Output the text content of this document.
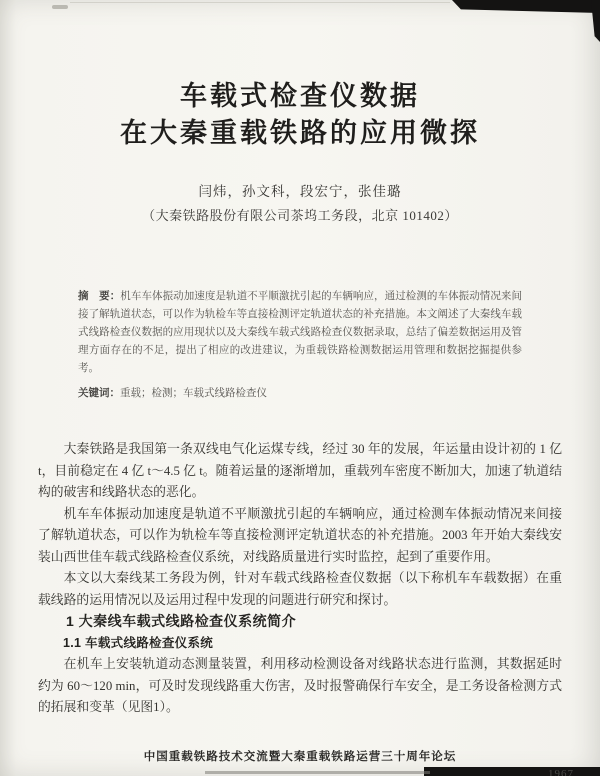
车载式检查仪数据
在大秦重载铁路的应用微探
闫炜，孙文科，段宏宁，张佳璐
（大秦铁路股份有限公司茶坞工务段，北京 101402）
摘　要：机车车体振动加速度是轨道不平顺激扰引起的车辆响应，通过检测的车体振动情况来间接了解轨道状态，可以作为轨检车等直接检测评定轨道状态的补充措施。本文阐述了大秦线车载式线路检查仪数据的应用现状以及大秦线车载式线路检查仪数据录取，总结了偏差数据运用及管理方面存在的不足，提出了相应的改进建议，为重载铁路检测数据运用管理和数据挖掘提供参考。
关键词：重载；检测；车载式线路检查仪

大秦铁路是我国第一条双线电气化运煤专线，经过 30 年的发展，年运量由设计初的 1 亿 t，目前稳定在 4 亿 t～4.5 亿 t。随着运量的逐渐增加，重载列车密度不断加大，加速了轨道结构的破害和线路状态的恶化。

机车车体振动加速度是轨道不平顺激扰引起的车辆响应，通过检测车体振动情况来间接了解轨道状态，可以作为轨检车等直接检测评定轨道状态的补充措施。2003 年开始大秦线安装山西世佳车载式线路检查仪系统，对线路质量进行实时监控，起到了重要作用。

本文以大秦线某工务段为例，针对车载式线路检查仪数据（以下称机车车载数据）在重载线路的运用情况以及运用过程中发现的问题进行研究和探讨。

1 大秦线车载式线路检查仪系统简介

1.1 车载式线路检查仪系统

在机车上安装轨道动态测量装置，利用移动检测设备对线路状态进行监测，其数据延时约为 60～120 min，可及时发现线路重大伤害，及时报警确保行车安全，是工务设备检测方式的拓展和变革（见图1）。

中国重载铁路技术交流暨大秦重载铁路运营三十周年论坛
1967
